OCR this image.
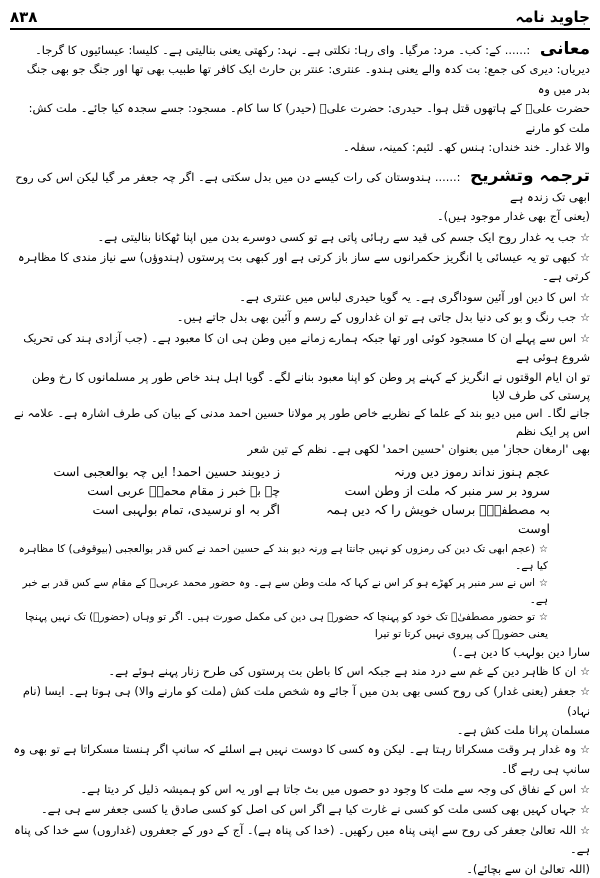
جاوید نامہ
۸۳۸
معانی :...... کے: کب۔ مرد: مرگیا۔ وای رہا: نکلتی ہے۔ نہد: رکھتی یعنی بنالیتی ہے۔ کلیسا: عیسائیوں کا گرجا۔
دیریاں: دیری کی جمع: بت کدہ والے یعنی ہندو۔ عنتری: عنتر بن حارث ایک کافر تھا طبیب بھی تھا اور جنگ جو بھی جنگ بدر میں وہ
حضرت علیؓ کے ہاتھوں قتل ہوا۔ حیدری: حضرت علیؓ (حیدر) کا سا کام۔ مسجود: جسے سجدہ کیا جائے۔ ملت کش: ملت کو مارنے
والا غدار۔ خند خنداں: ہنس کھ۔ لئیم: کمینہ، سفلہ۔
ترجمہ وتشریح :...... ہندوستان کی رات کیسے دن میں بدل سکتی ہے۔ اگر چہ جعفر مر گیا لیکن اس کی روح ابھی تک زندہ ہے
(یعنی آج بھی غدار موجود ہیں)۔
☆جب یہ غدار روح ایک جسم کی قید سے رہائی پاتی ہے تو کسی دوسرے بدن میں اپنا ٹھکانا بنالیتی ہے۔
☆کبھی تو یہ عیسائی یا انگریز حکمرانوں سے ساز باز کرتی ہے اور کبھی بت پرستوں (ہندوؤں) سے نیاز مندی کا مظاہرہ کرتی ہے۔
☆اس کا دین اور آئین سوداگری ہے۔ یہ گویا حیدری لباس میں عنتری ہے۔
☆جب رنگ و بو کی دنیا بدل جاتی ہے تو ان غداروں کے رسم و آئین بھی بدل جاتے ہیں۔
☆اس سے پہلے ان کا مسجود کوئی اور تھا جبکہ ہمارے زمانے میں وطن ہی ان کا معبود ہے۔ (جب آزادی ہند کی تحریک شروع ہوئی ہے
تو ان ایام الوقتوں نے انگریز کے کہنے پر وطن کو اپنا معبود بنانے لگے۔ گویا اہل ہند خاص طور پر مسلمانوں کا رخ وطن پرستی کی طرف لایا
جانے لگا۔ اس میں دیو بند کے علما کے نظریے خاص طور پر مولانا حسین احمد مدنی کے بیان کی طرف اشارہ ہے۔ علامہ نے اس پر ایک نظم
بھی 'ارمغان حجاز' میں بعنوان 'حسین احمد' لکھی ہے۔ نظم کے تین شعر
عجم ہنوز نداند رموز دیں ورنہ
ز دیوبند حسین احمد! ایں چہ بوالعجبی است
سرود بر سر منبر کہ ملت از وطن است
چہ بے خبر ز مقام محمدؐ عربی است
بہ مصطفیٰؐ برساں خویش را کہ دیں ہمہ اوست
اگر بہ او نرسیدی، تمام بولہبی است
☆(عجم ابھی تک دین کی رمزوں کو نہیں جانتا ہے ورنہ دیو بند کے حسین احمد نے کس قدر بوالعجبی (بیوقوفی) کا مظاہرہ کیا ہے۔
☆اس نے سر منبر پر کھڑے ہو کر اس نے کہا کہ ملت وطن سے ہے۔ وہ حضور محمد عربیؐ کے مقام سے کس قدر بے خبر ہے۔
☆تو حضور مصطفیٰؐ تک خود کو پہنچا کہ حضورؐ ہی دین کی مکمل صورت ہیں۔ اگر تو وہاں (حضورؐ) تک نہیں پہنچا یعنی حضورؐ کی پیروی نہیں کرتا تو تیرا
سارا دین بولہب کا دین ہے۔)
☆ان کا ظاہر دین کے غم سے درد مند ہے جبکہ اس کا باطن بت پرستوں کی طرح زنار پہنے ہوئے ہے۔
☆جعفر (یعنی غدار) کی روح کسی بھی بدن میں آ جائے وہ شخص ملت کش (ملت کو مارنے والا) ہی ہوتا ہے۔ ایسا (نام نہاد)
مسلمان پرانا ملت کش ہے۔
☆وہ غدار ہر وقت مسکراتا رہتا ہے۔ لیکن وہ کسی کا دوست نہیں ہے اسلئے کہ سانپ اگر ہنستا مسکراتا ہے تو بھی وہ سانپ ہی رہے گا۔
☆اس کے نفاق کی وجہ سے ملت کا وجود دو حصوں میں بٹ جاتا ہے اور یہ اس کو ہمیشہ ذلیل کر دیتا ہے۔
☆جہاں کہیں بھی کسی ملت کو کسی نے غارت کیا ہے اگر اس کی اصل کو کسی صادق یا کسی جعفر سے ہی ہے۔
☆اللہ تعالیٰ جعفر کی روح سے اپنی پناہ میں رکھیں۔ (خدا کی پناہ ہے)۔ آج کے دور کے جعفروں (غداروں) سے خدا کی پناہ ہے۔
(اللہ تعالیٰ ان سے بچائے)۔
